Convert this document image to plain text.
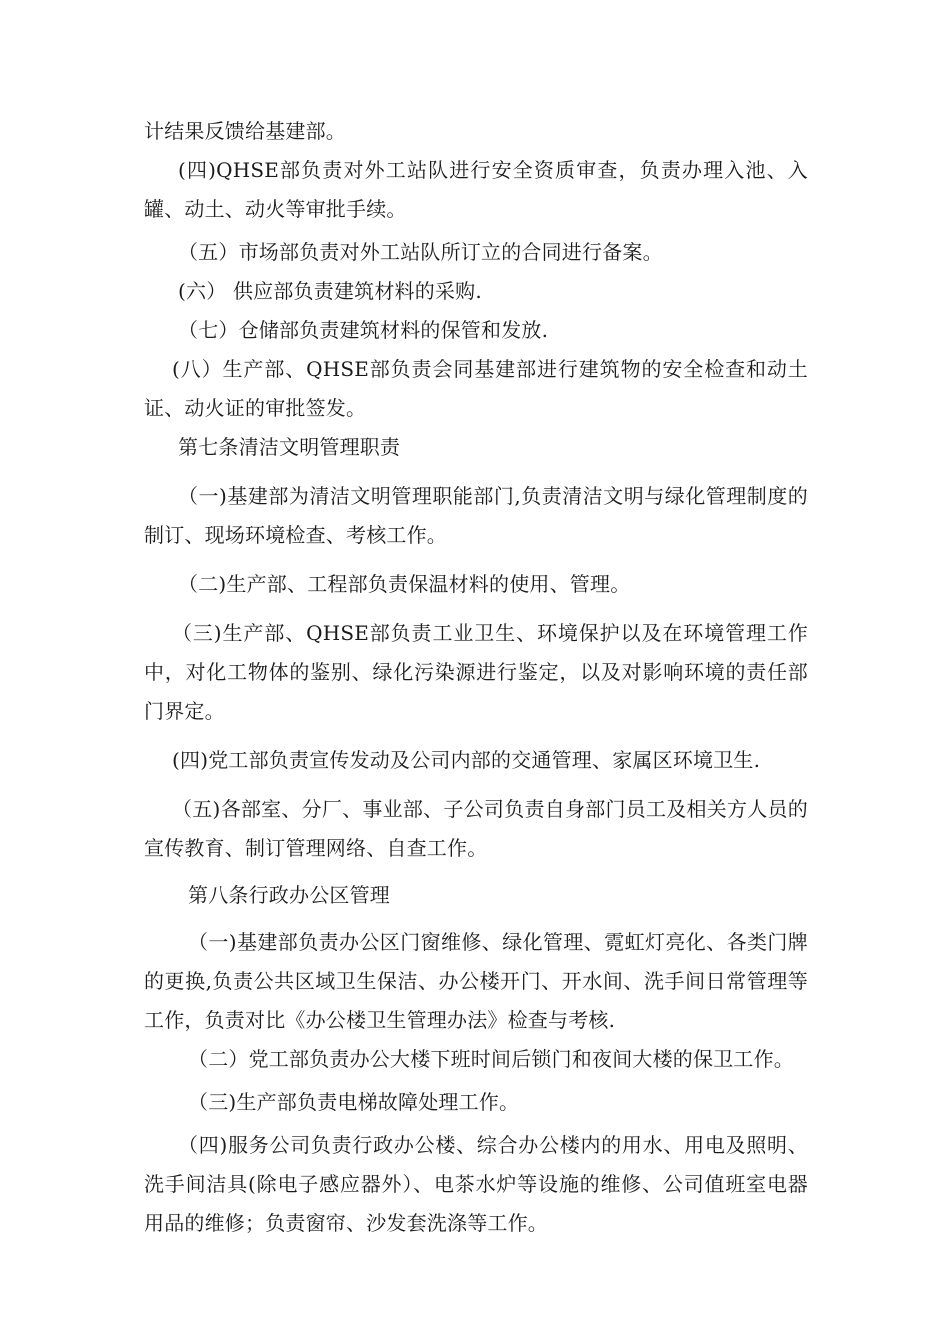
计结果反馈给基建部。

(四)QHSE部负责对外工站队进行安全资质审查，负责办理入池、入罐、动土、动火等审批手续。

（五）市场部负责对外工站队所订立的合同进行备案。

(六） 供应部负责建筑材料的采购.

（七）仓储部负责建筑材料的保管和发放.

(八）生产部、QHSE部负责会同基建部进行建筑物的安全检查和动土证、动火证的审批签发。

第七条清洁文明管理职责

（一)基建部为清洁文明管理职能部门,负责清洁文明与绿化管理制度的制订、现场环境检查、考核工作。

（二)生产部、工程部负责保温材料的使用、管理。

（三)生产部、QHSE部负责工业卫生、环境保护以及在环境管理工作中，对化工物体的鉴别、绿化污染源进行鉴定，以及对影响环境的责任部门界定。

(四)党工部负责宣传发动及公司内部的交通管理、家属区环境卫生.

（五)各部室、分厂、事业部、子公司负责自身部门员工及相关方人员的宣传教育、制订管理网络、自查工作。

第八条行政办公区管理

（一)基建部负责办公区门窗维修、绿化管理、霓虹灯亮化、各类门牌的更换,负责公共区域卫生保洁、办公楼开门、开水间、洗手间日常管理等工作，负责对比《办公楼卫生管理办法》检查与考核.

（二）党工部负责办公大楼下班时间后锁门和夜间大楼的保卫工作。

（三)生产部负责电梯故障处理工作。

（四)服务公司负责行政办公楼、综合办公楼内的用水、用电及照明、洗手间洁具(除电子感应器外）、电茶水炉等设施的维修、公司值班室电器用品的维修；负责窗帘、沙发套洗涤等工作。
